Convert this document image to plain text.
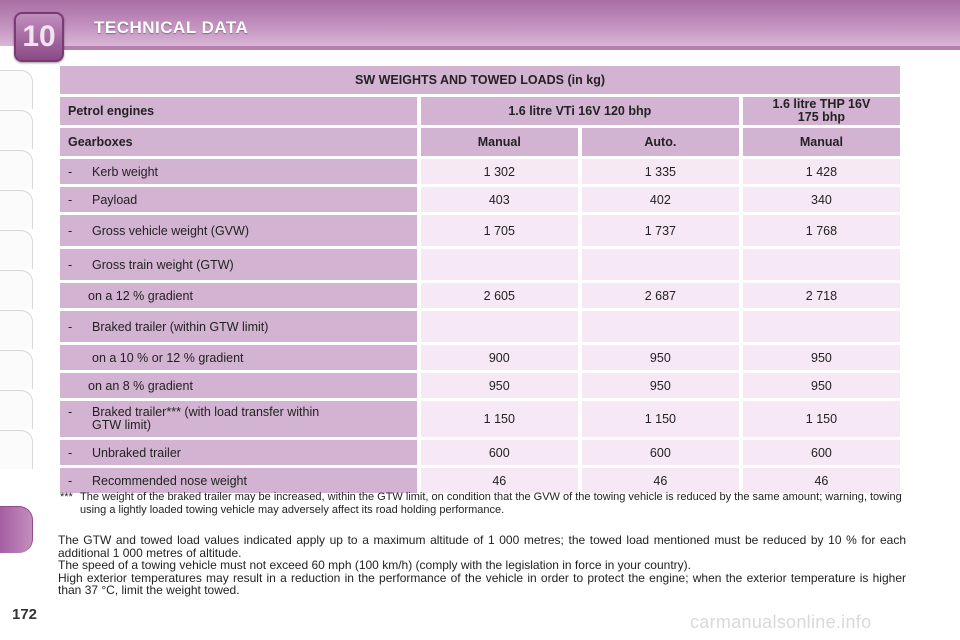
10	TECHNICAL DATA
SW WEIGHTS AND TOWED LOADS (in kg)			
Petrol engines	1.6 litre VTi 16V 120 bhp		1.6 litre THP 16V
175 bhp

Gearboxes	Manual	Auto.	Manual
- Kerb weight	1 302	1 335	1 428
- Payload	403	402	340
- Gross vehicle weight (GVW)	1 705	1 737	1 768
- Gross train weight (GTW)			
on a 12 % gradient	2 605	2 687	2 718
- Braked trailer (within GTW limit)			
on a 10 % or 12 % gradient	900	950	950
on an 8 % gradient	950	950	950
- Braked trailer*** (with load transfer within
GTW limit)	1 150	1 150	1 150
- Unbraked trailer	600	600	600
- Recommended nose weight	46	46	46
*** The weight of the braked trailer may be increased, within the GTW limit, on condition that the GVW of the towing vehicle is reduced by the same amount; warning, towing using a lightly loaded towing vehicle may adversely affect its road holding performance.

The GTW and towed load values indicated apply up to a maximum altitude of 1 000 metres; the towed load mentioned must be reduced by 10 % for each additional 1 000 metres of altitude.

The speed of a towing vehicle must not exceed 60 mph (100 km/h) (comply with the legislation in force in your country).

High exterior temperatures may result in a reduction in the performance of the vehicle in order to protect the engine; when the exterior temperature is higher than 37 °C, limit the weight towed.

172	carmanualsonline.info
